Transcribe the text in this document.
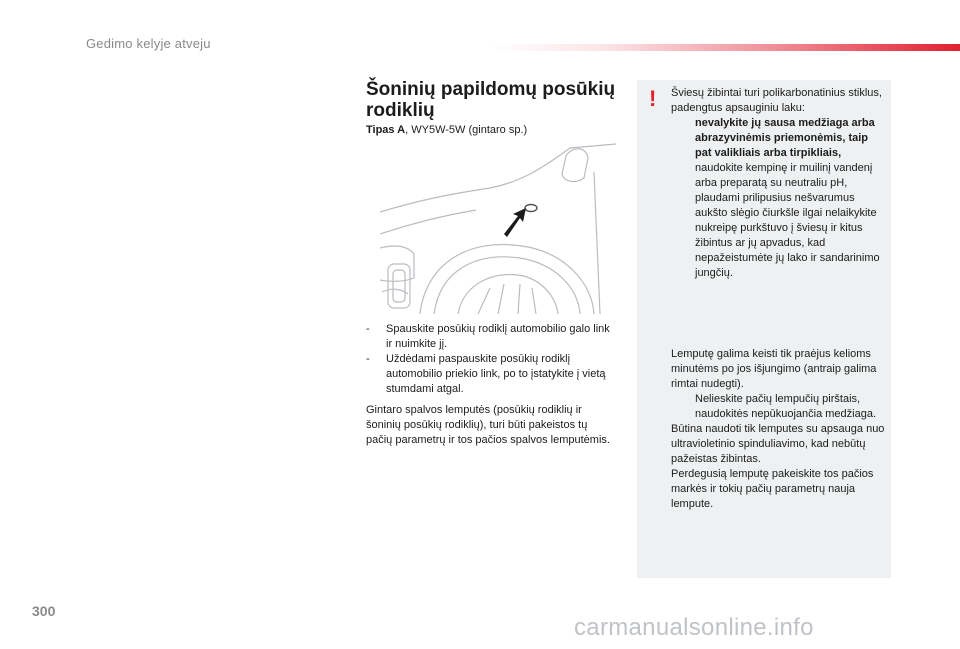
Gedimo kelyje atveju
Šoninių papildomų posūkių rodiklių
Tipas A, WY5W-5W (gintaro sp.)
- Spauskite posūkių rodiklį automobilio galo link ir nuimkite jį.
- Uždėdami paspauskite posūkių rodiklį automobilio priekio link, po to įstatykite į vietą stumdami atgal.

Gintaro spalvos lemputės (posūkių rodiklių ir šoninių posūkių rodiklių), turi būti pakeistos tų pačių parametrų ir tos pačios spalvos lemputėmis.

! Šviesų žibintai turi polikarbonatinius stiklus, padengtus apsauginiu laku:

nevalykite jų sausa medžiaga arba abrazyvinėmis priemonėmis, taip pat valikliais arba tirpikliais,
naudokite kempinę ir muilinį vandenį arba preparatą su neutraliu pH,
plaudami prilipusius nešvarumus aukšto slėgio čiurkšle ilgai nelaikykite nukreipę purkštuvo į šviesų ir kitus žibintus ar jų apvadus, kad nepažeistumėte jų lako ir sandarinimo jungčių.

Lemputę galima keisti tik praėjus kelioms minutėms po jos išjungimo (antraip galima rimtai nudegti).

Nelieskite pačių lempučių pirštais, naudokitės nepūkuojančia medžiaga.

Būtina naudoti tik lemputes su apsauga nuo ultravioletinio spinduliavimo, kad nebūtų pažeistas žibintas.

Perdegusią lemputę pakeiskite tos pačios markės ir tokių pačių parametrų nauja lempute.

300
carmanualsonline.info
